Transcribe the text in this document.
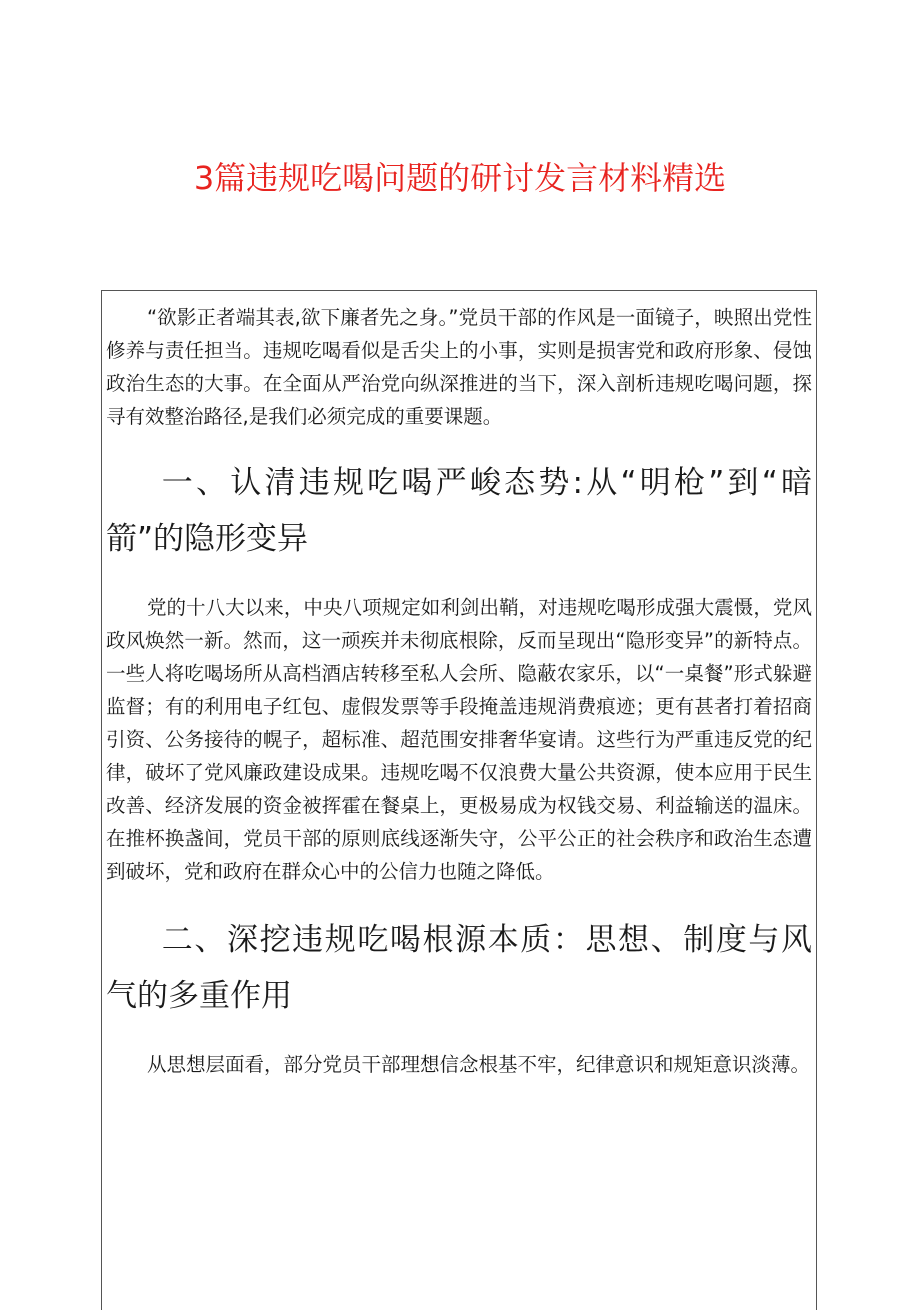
3篇违规吃喝问题的研讨发言材料精选

“欲影正者端其表,欲下廉者先之身。”党员干部的作风是一面镜子，映照出党性修养与责任担当。违规吃喝看似是舌尖上的小事，实则是损害党和政府形象、侵蚀政治生态的大事。在全面从严治党向纵深推进的当下，深入剖析违规吃喝问题，探寻有效整治路径,是我们必须完成的重要课题。

一、认清违规吃喝严峻态势:从“明枪”到“暗箭”的隐形变异

党的十八大以来，中央八项规定如利剑出鞘，对违规吃喝形成强大震慑，党风政风焕然一新。然而，这一顽疾并未彻底根除，反而呈现出“隐形变异”的新特点。一些人将吃喝场所从高档酒店转移至私人会所、隐蔽农家乐，以“一桌餐”形式躲避监督；有的利用电子红包、虚假发票等手段掩盖违规消费痕迹；更有甚者打着招商引资、公务接待的幌子，超标准、超范围安排奢华宴请。这些行为严重违反党的纪律，破坏了党风廉政建设成果。违规吃喝不仅浪费大量公共资源，使本应用于民生改善、经济发展的资金被挥霍在餐桌上，更极易成为权钱交易、利益输送的温床。在推杯换盏间，党员干部的原则底线逐渐失守，公平公正的社会秩序和政治生态遭到破坏，党和政府在群众心中的公信力也随之降低。

二、深挖违规吃喝根源本质：思想、制度与风气的多重作用

从思想层面看，部分党员干部理想信念根基不牢，纪律意识和规矩意识淡薄。
